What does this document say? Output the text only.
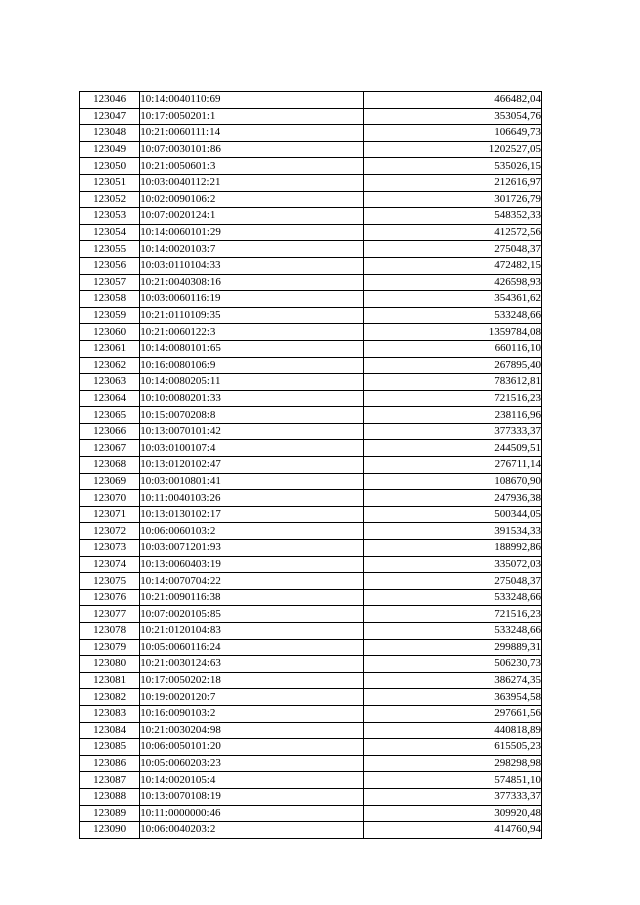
123046	10:14:0040110:69	466482,04
123047	10:17:0050201:1	353054,76
123048	10:21:0060111:14	106649,73
123049	10:07:0030101:86	1202527,05
123050	10:21:0050601:3	535026,15
123051	10:03:0040112:21	212616,97
123052	10:02:0090106:2	301726,79
123053	10:07:0020124:1	548352,33
123054	10:14:0060101:29	412572,56
123055	10:14:0020103:7	275048,37
123056	10:03:0110104:33	472482,15
123057	10:21:0040308:16	426598,93
123058	10:03:0060116:19	354361,62
123059	10:21:0110109:35	533248,66
123060	10:21:0060122:3	1359784,08
123061	10:14:0080101:65	660116,10
123062	10:16:0080106:9	267895,40
123063	10:14:0080205:11	783612,81
123064	10:10:0080201:33	721516,23
123065	10:15:0070208:8	238116,96
123066	10:13:0070101:42	377333,37
123067	10:03:0100107:4	244509,51
123068	10:13:0120102:47	276711,14
123069	10:03:0010801:41	108670,90
123070	10:11:0040103:26	247936,38
123071	10:13:0130102:17	500344,05
123072	10:06:0060103:2	391534,33
123073	10:03:0071201:93	188992,86
123074	10:13:0060403:19	335072,03
123075	10:14:0070704:22	275048,37
123076	10:21:0090116:38	533248,66
123077	10:07:0020105:85	721516,23
123078	10:21:0120104:83	533248,66
123079	10:05:0060116:24	299889,31
123080	10:21:0030124:63	506230,73
123081	10:17:0050202:18	386274,35
123082	10:19:0020120:7	363954,58
123083	10:16:0090103:2	297661,56
123084	10:21:0030204:98	440818,89
123085	10:06:0050101:20	615505,23
123086	10:05:0060203:23	298298,98
123087	10:14:0020105:4	574851,10
123088	10:13:0070108:19	377333,37
123089	10:11:0000000:46	309920,48
123090	10:06:0040203:2	414760,94
